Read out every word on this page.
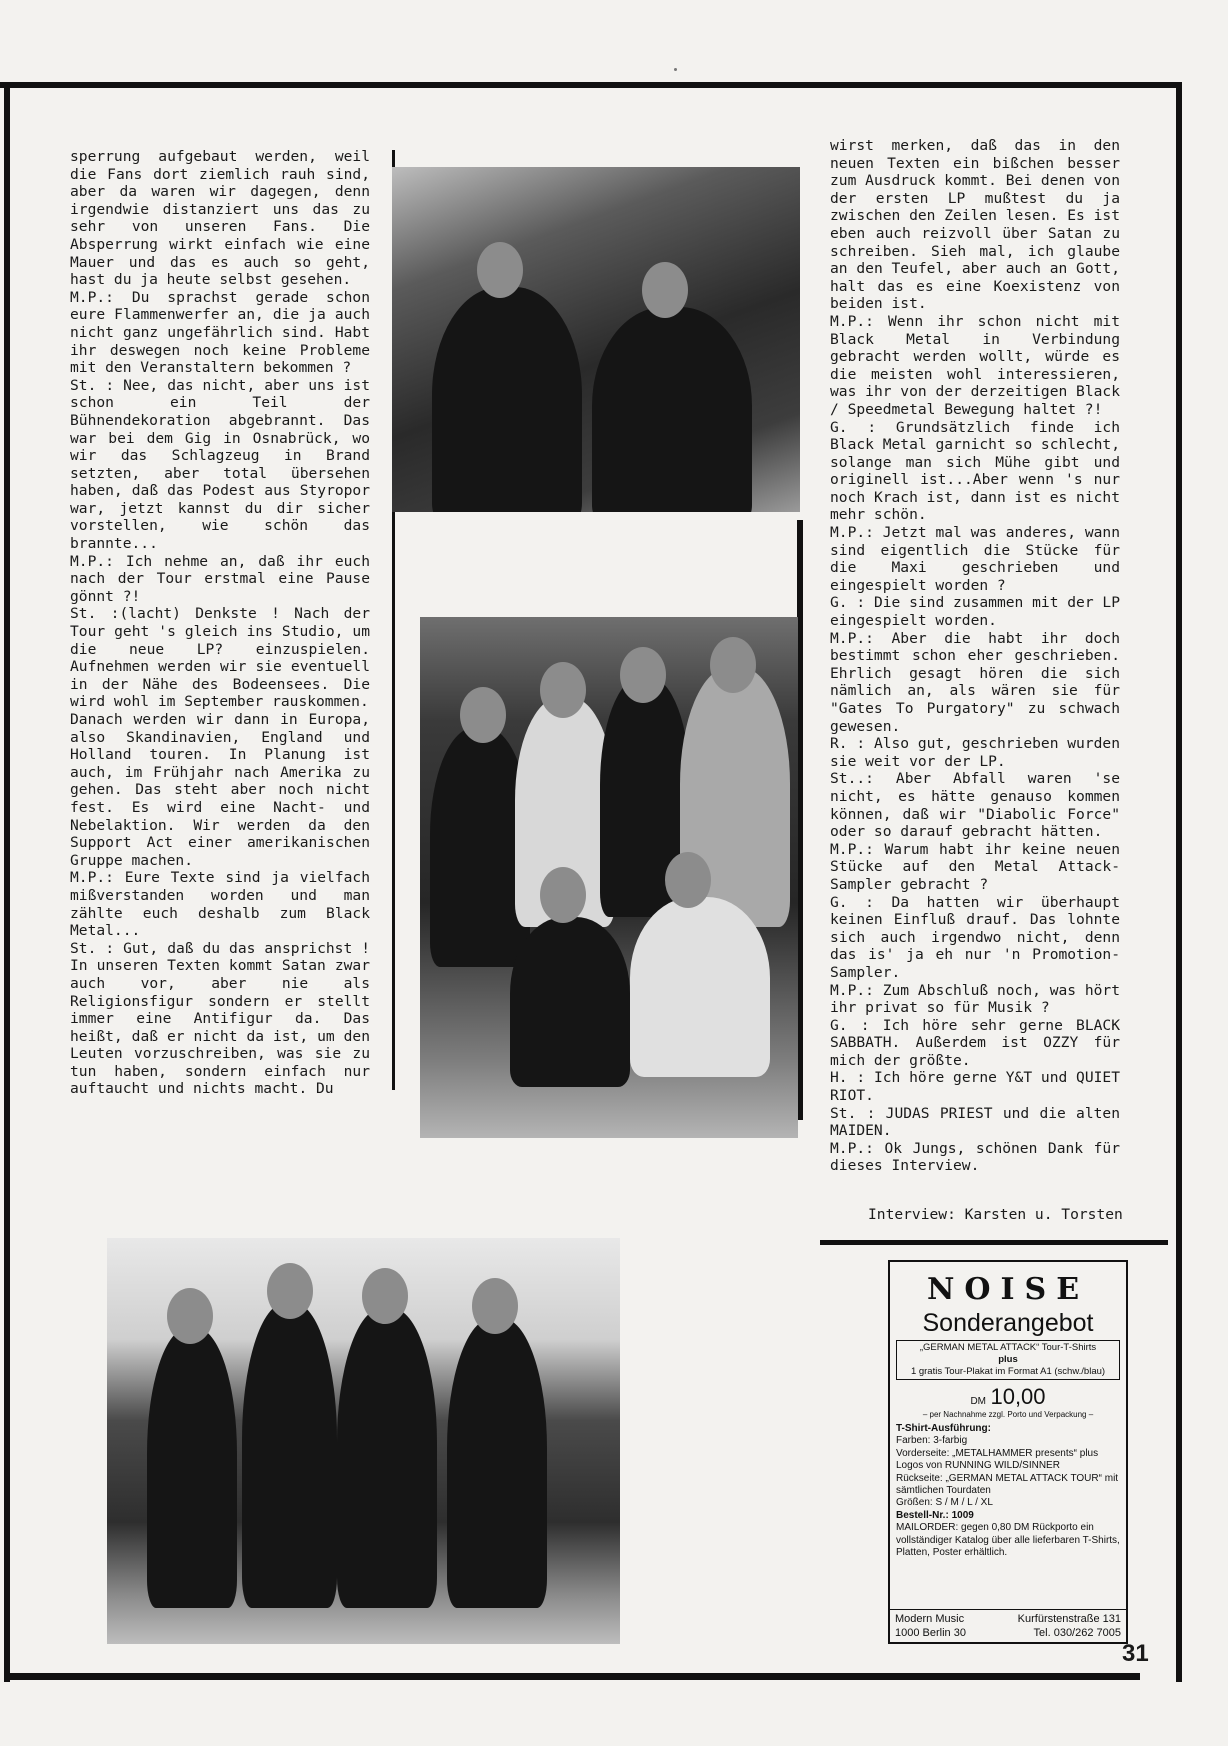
sperrung aufgebaut werden, weil die Fans dort ziemlich rauh sind, aber da waren wir dagegen, denn irgendwie distanziert uns das zu sehr von unseren Fans. Die Absperrung wirkt einfach wie eine Mauer und das es auch so geht, hast du ja heute selbst gesehen.

M.P.: Du sprachst gerade schon eure Flammenwerfer an, die ja auch nicht ganz ungefährlich sind. Habt ihr deswegen noch keine Probleme mit den Veranstaltern bekommen ?

St. : Nee, das nicht, aber uns ist schon ein Teil der Bühnendekoration abgebrannt. Das war bei dem Gig in Osnabrück, wo wir das Schlagzeug in Brand setzten, aber total übersehen haben, daß das Podest aus Styropor war, jetzt kannst du dir sicher vorstellen, wie schön das brannte...

M.P.: Ich nehme an, daß ihr euch nach der Tour erstmal eine Pause gönnt ?!

St. :(lacht) Denkste ! Nach der Tour geht 's gleich ins Studio, um die neue LP? einzuspielen. Aufnehmen werden wir sie eventuell in der Nähe des Bodeensees. Die wird wohl im September rauskommen.

Danach werden wir dann in Europa, also Skandinavien, England und Holland touren. In Planung ist auch, im Frühjahr nach Amerika zu gehen. Das steht aber noch nicht fest. Es wird eine Nacht- und Nebelaktion. Wir werden da den Support Act einer amerikanischen Gruppe machen.

M.P.: Eure Texte sind ja vielfach mißverstanden worden und man zählte euch deshalb zum Black Metal...

St. : Gut, daß du das ansprichst ! In unseren Texten kommt Satan zwar auch vor, aber nie als Religionsfigur sondern er stellt immer eine Antifigur da. Das heißt, daß er nicht da ist, um den Leuten vorzuschreiben, was sie zu tun haben, sondern einfach nur auftaucht und nichts macht. Du

wirst merken, daß das in den neuen Texten ein bißchen besser zum Ausdruck kommt. Bei denen von der ersten LP mußtest du ja zwischen den Zeilen lesen. Es ist eben auch reizvoll über Satan zu schreiben. Sieh mal, ich glaube an den Teufel, aber auch an Gott, halt das es eine Koexistenz von beiden ist.

M.P.: Wenn ihr schon nicht mit Black Metal in Verbindung gebracht werden wollt, würde es die meisten wohl interessieren, was ihr von der derzeitigen Black / Speedmetal Bewegung haltet ?!

G. : Grundsätzlich finde ich Black Metal garnicht so schlecht, solange man sich Mühe gibt und originell ist...Aber wenn 's nur noch Krach ist, dann ist es nicht mehr schön.

M.P.: Jetzt mal was anderes, wann sind eigentlich die Stücke für die Maxi geschrieben und eingespielt worden ?

G. : Die sind zusammen mit der LP eingespielt worden.

M.P.: Aber die habt ihr doch bestimmt schon eher geschrieben. Ehrlich gesagt hören die sich nämlich an, als wären sie für "Gates To Purgatory" zu schwach gewesen.

R. : Also gut, geschrieben wurden sie weit vor der LP.

St..: Aber Abfall waren 'se nicht, es hätte genauso kommen können, daß wir "Diabolic Force" oder so darauf gebracht hätten.

M.P.: Warum habt ihr keine neuen Stücke auf den Metal Attack-Sampler gebracht ?

G. : Da hatten wir überhaupt keinen Einfluß drauf. Das lohnte sich auch irgendwo nicht, denn das is' ja eh nur 'n Promotion-Sampler.

M.P.: Zum Abschluß noch, was hört ihr privat so für Musik ?

G. : Ich höre sehr gerne BLACK SABBATH. Außerdem ist OZZY für mich der größte.

H. : Ich höre gerne Y&T und QUIET RIOT.

St. : JUDAS PRIEST und die alten MAIDEN.

M.P.: Ok Jungs, schönen Dank für dieses Interview.

Interview: Karsten u. Torsten
NOISE
Sonderangebot
„GERMAN METAL ATTACK“ Tour-T-Shirts
plus
1 gratis Tour-Plakat im Format A1 (schw./blau)
DM 10,00
– per Nachnahme zzgl. Porto und Verpackung –
T-Shirt-Ausführung:
Farben: 3-farbig
Vorderseite: „METALHAMMER presents“ plus Logos von RUNNING WILD/SINNER
Rückseite: „GERMAN METAL ATTACK TOUR“ mit sämtlichen Tourdaten
Größen: S / M / L / XL
Bestell-Nr.: 1009
MAILORDER: gegen 0,80 DM Rückporto ein vollständiger Katalog über alle lieferbaren T-Shirts, Platten, Poster erhältlich.
Modern Music	Kurfürstenstraße 131
1000 Berlin 30	Tel. 030/262 7005
31
